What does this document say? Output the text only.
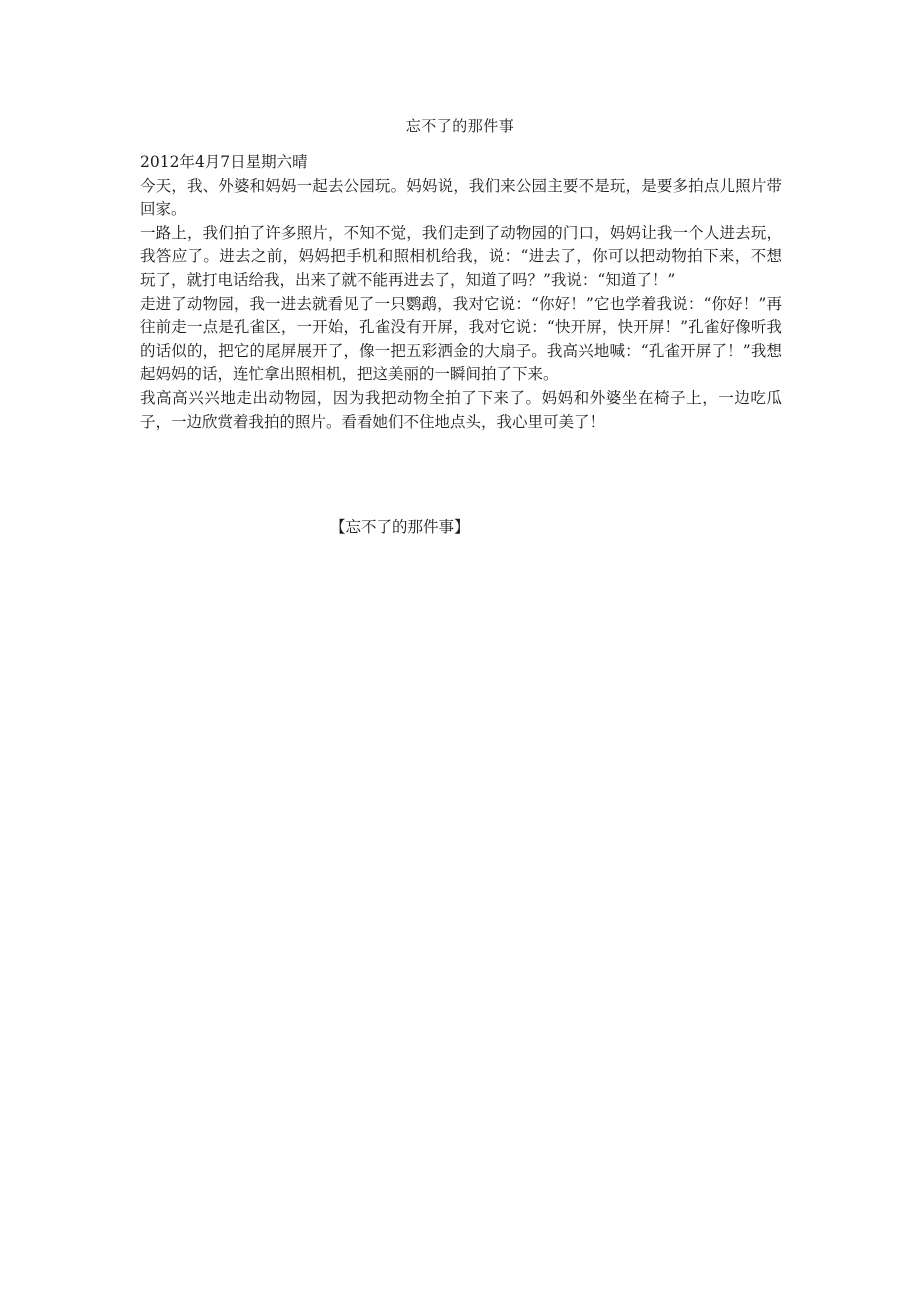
忘不了的那件事

2012年4月7日星期六晴

今天，我、外婆和妈妈一起去公园玩。妈妈说，我们来公园主要不是玩，是要多拍点儿照片带回家。

一路上，我们拍了许多照片，不知不觉，我们走到了动物园的门口，妈妈让我一个人进去玩，我答应了。进去之前，妈妈把手机和照相机给我，说：“进去了，你可以把动物拍下来，不想玩了，就打电话给我，出来了就不能再进去了，知道了吗？”我说：“知道了！”

走进了动物园，我一进去就看见了一只鹦鹉，我对它说：“你好！”它也学着我说：“你好！”再往前走一点是孔雀区，一开始，孔雀没有开屏，我对它说：“快开屏，快开屏！”孔雀好像听我的话似的，把它的尾屏展开了，像一把五彩洒金的大扇子。我高兴地喊：“孔雀开屏了！”我想起妈妈的话，连忙拿出照相机，把这美丽的一瞬间拍了下来。

我高高兴兴地走出动物园，因为我把动物全拍了下来了。妈妈和外婆坐在椅子上，一边吃瓜子，一边欣赏着我拍的照片。看看她们不住地点头，我心里可美了！

【忘不了的那件事】
